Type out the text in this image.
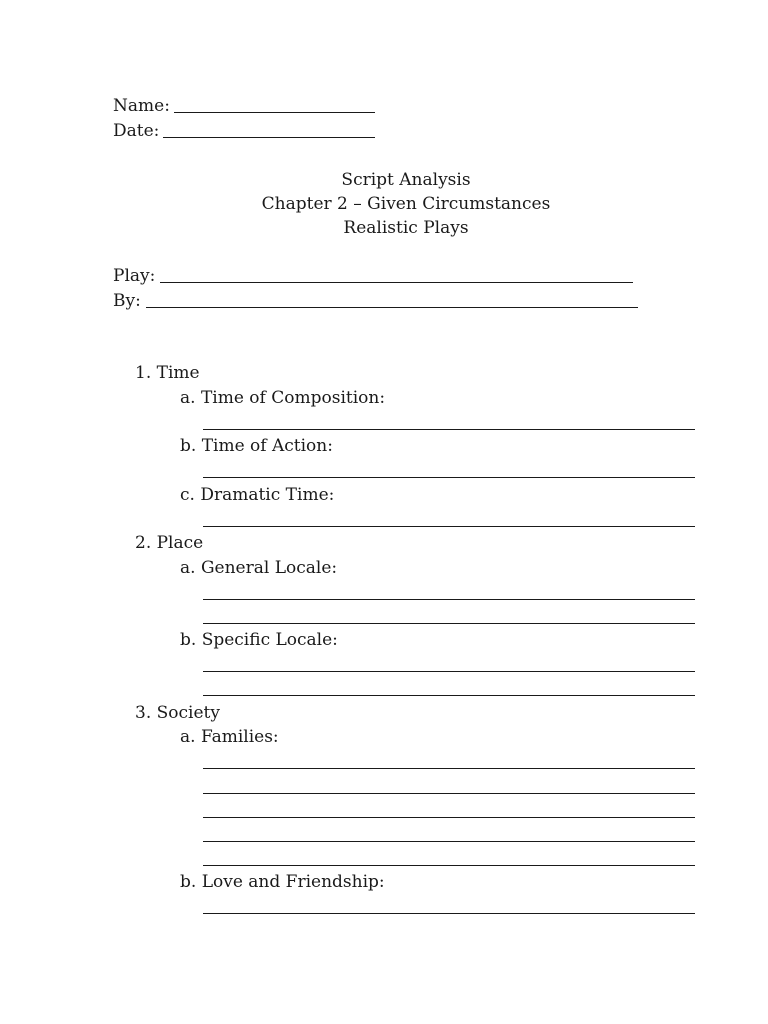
Name:
Date:
Script Analysis
Chapter 2 – Given Circumstances
Realistic Plays
Play:
By:
1. Time
a. Time of Composition:
b. Time of Action:
c. Dramatic Time:
2. Place
a. General Locale:
b. Specific Locale:
3. Society
a. Families:
b. Love and Friendship:
